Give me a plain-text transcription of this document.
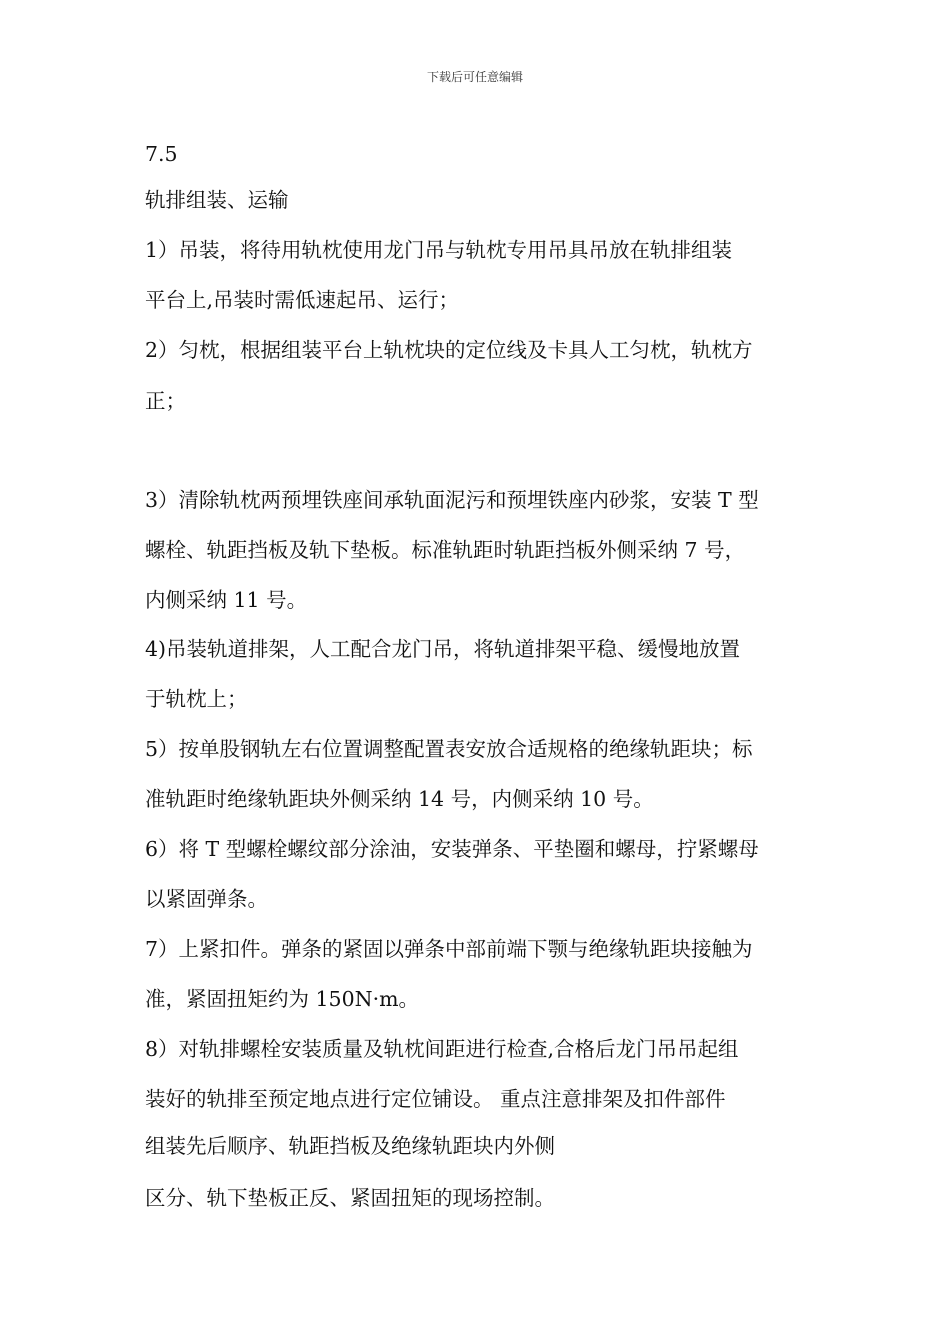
下载后可任意编辑
7.5
轨排组装、运输
1）吊装，将待用轨枕使用龙门吊与轨枕专用吊具吊放在轨排组装
平台上,吊装时需低速起吊、运行；
2）匀枕，根据组装平台上轨枕块的定位线及卡具人工匀枕，轨枕方
正；
3）清除轨枕两预埋铁座间承轨面泥污和预埋铁座内砂浆，安装 T 型
螺栓、轨距挡板及轨下垫板。标准轨距时轨距挡板外侧采纳 7 号，
内侧采纳 11 号。
4)吊装轨道排架，人工配合龙门吊，将轨道排架平稳、缓慢地放置
于轨枕上；
5）按单股钢轨左右位置调整配置表安放合适规格的绝缘轨距块；标
准轨距时绝缘轨距块外侧采纳 14 号，内侧采纳 10 号。
6）将 T 型螺栓螺纹部分涂油，安装弹条、平垫圈和螺母，拧紧螺母
以紧固弹条。
7）上紧扣件。弹条的紧固以弹条中部前端下颚与绝缘轨距块接触为
准，紧固扭矩约为 150N·m。
8）对轨排螺栓安装质量及轨枕间距进行检查,合格后龙门吊吊起组
装好的轨排至预定地点进行定位铺设。 重点注意排架及扣件部件
组装先后顺序、轨距挡板及绝缘轨距块内外侧
区分、轨下垫板正反、紧固扭矩的现场控制。
